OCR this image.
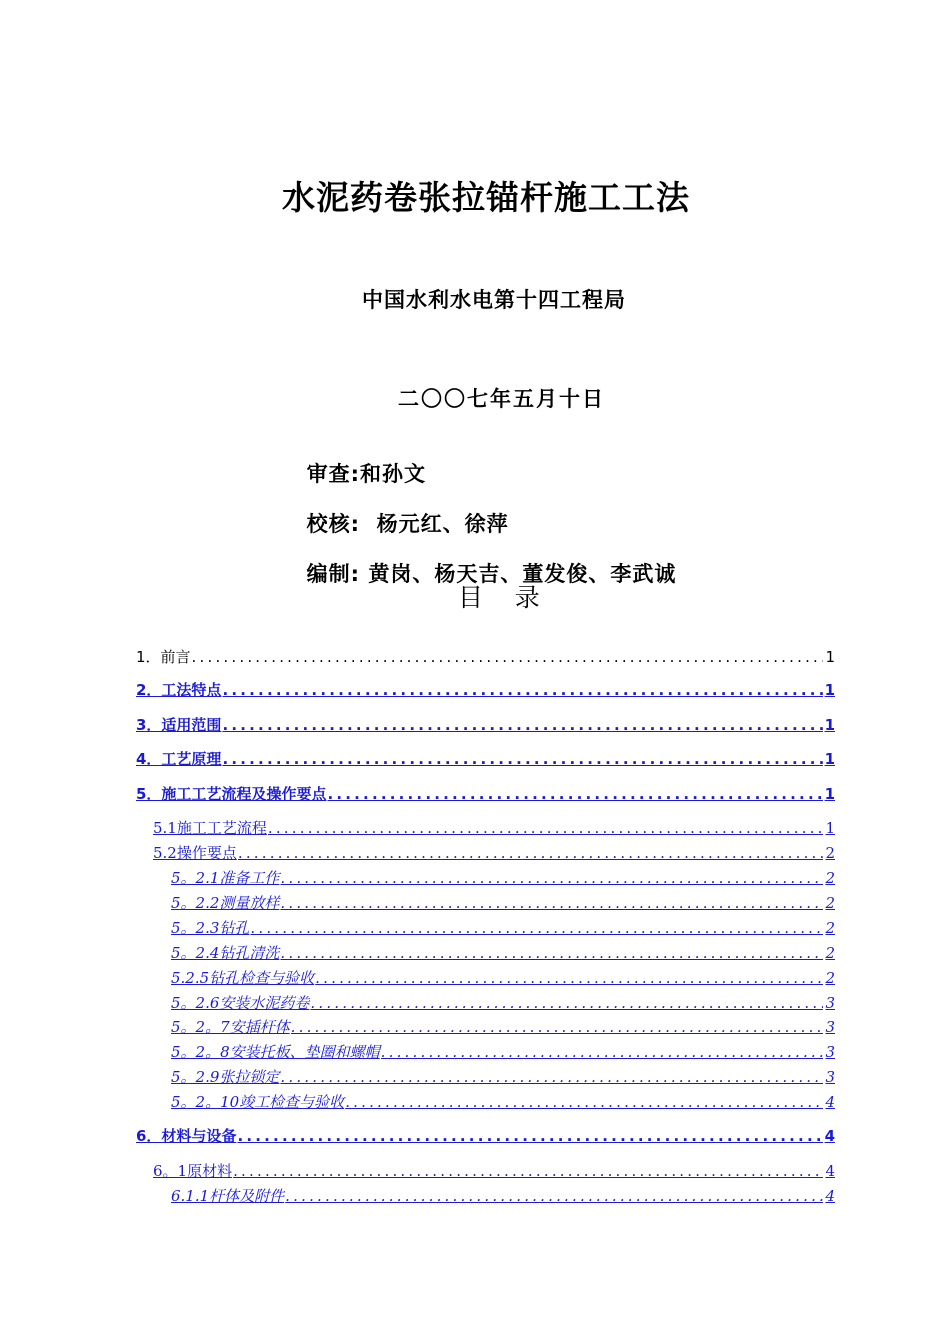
水泥药卷张拉锚杆施工工法
中国水利水电第十四工程局
二〇〇七年五月十日

审查:和孙文

校核:  杨元红、徐萍

编制: 黄岗、杨天吉、董发俊、李武诚

目    录
1．前言 .....	1
2．工法特点 .....	1
3．适用范围 .....	1
4．工艺原理 .....	1
5．施工工艺流程及操作要点 .....	1
5.1施工工艺流程 .....	1
5.2操作要点 .....	2
5。2.1准备工作 .....	2
5。2.2测量放样 .....	2
5。2.3钻孔 .....	2
5。2.4钻孔清洗 .....	2
5.2.5钻孔检查与验收 .....	2
5。2.6安装水泥药卷 .....	3
5。2。7安插杆体 .....	3
5。2。8安装托板、垫圈和螺帽 .....	3
5。2.9张拉锁定 .....	3
5。2。10竣工检查与验收 .....	4
6．材料与设备 .....	4
6。1原材料 .....	4
6.1.1杆体及附件 .....	4
